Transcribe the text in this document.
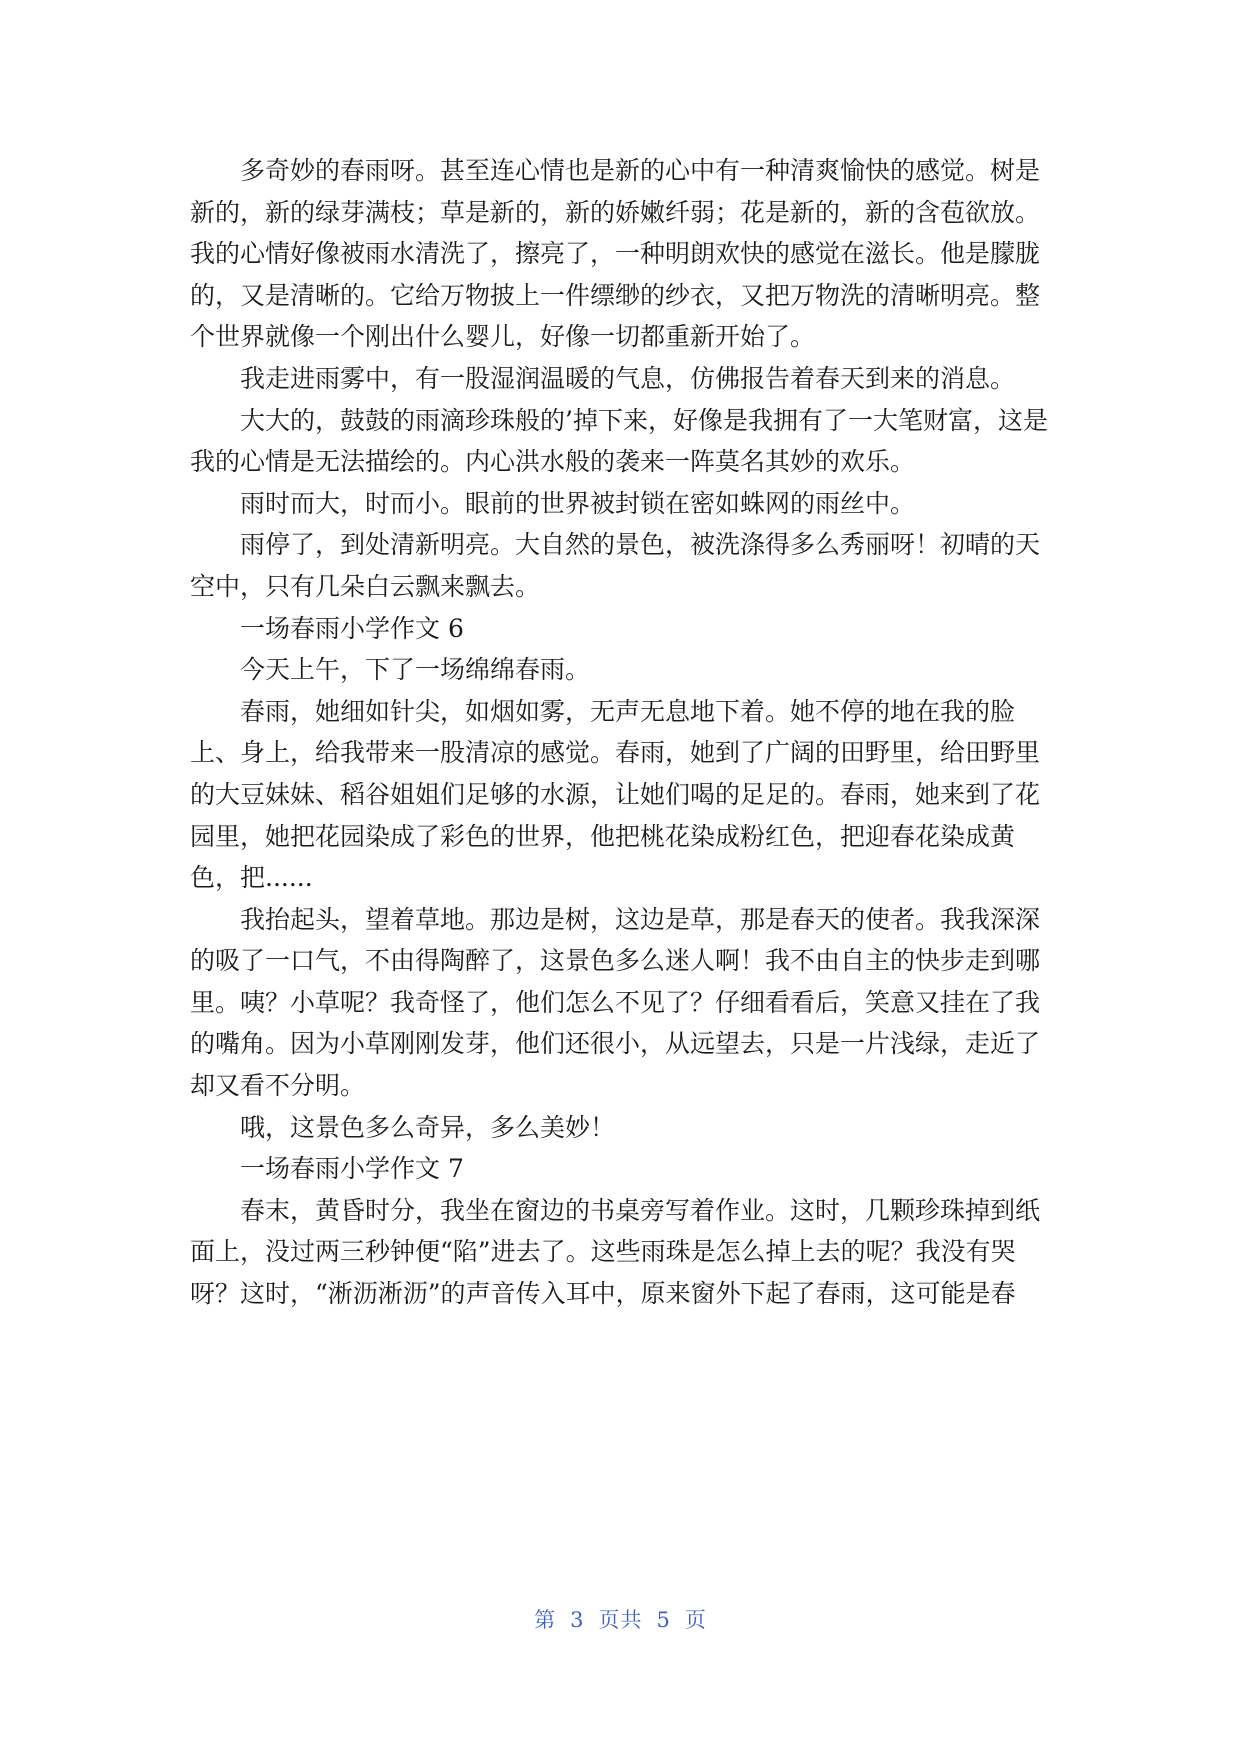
多奇妙的春雨呀。甚至连心情也是新的心中有一种清爽愉快的感觉。树是
新的，新的绿芽满枝；草是新的，新的娇嫩纤弱；花是新的，新的含苞欲放。
我的心情好像被雨水清洗了，擦亮了，一种明朗欢快的感觉在滋长。他是朦胧
的，又是清晰的。它给万物披上一件缥缈的纱衣，又把万物洗的清晰明亮。整
个世界就像一个刚出什么婴儿，好像一切都重新开始了。
我走进雨雾中，有一股湿润温暖的气息，仿佛报告着春天到来的消息。
大大的，鼓鼓的雨滴珍珠般的’掉下来，好像是我拥有了一大笔财富，这是
我的心情是无法描绘的。内心洪水般的袭来一阵莫名其妙的欢乐。
雨时而大，时而小。眼前的世界被封锁在密如蛛网的雨丝中。
雨停了，到处清新明亮。大自然的景色，被洗涤得多么秀丽呀！初晴的天
空中，只有几朵白云飘来飘去。
一场春雨小学作文 6
今天上午，下了一场绵绵春雨。
春雨，她细如针尖，如烟如雾，无声无息地下着。她不停的地在我的脸
上、身上，给我带来一股清凉的感觉。春雨，她到了广阔的田野里，给田野里
的大豆妹妹、稻谷姐姐们足够的水源，让她们喝的足足的。春雨，她来到了花
园里，她把花园染成了彩色的世界，他把桃花染成粉红色，把迎春花染成黄
色，把......
我抬起头，望着草地。那边是树，这边是草，那是春天的使者。我我深深
的吸了一口气，不由得陶醉了，这景色多么迷人啊！我不由自主的快步走到哪
里。咦？小草呢？我奇怪了，他们怎么不见了？仔细看看后，笑意又挂在了我
的嘴角。因为小草刚刚发芽，他们还很小，从远望去，只是一片浅绿，走近了
却又看不分明。
哦，这景色多么奇异，多么美妙！
一场春雨小学作文 7
春末，黄昏时分，我坐在窗边的书桌旁写着作业。这时，几颗珍珠掉到纸
面上，没过两三秒钟便“陷”进去了。这些雨珠是怎么掉上去的呢？我没有哭
呀？这时，“淅沥淅沥”的声音传入耳中，原来窗外下起了春雨，这可能是春
第 3 页共 5 页
